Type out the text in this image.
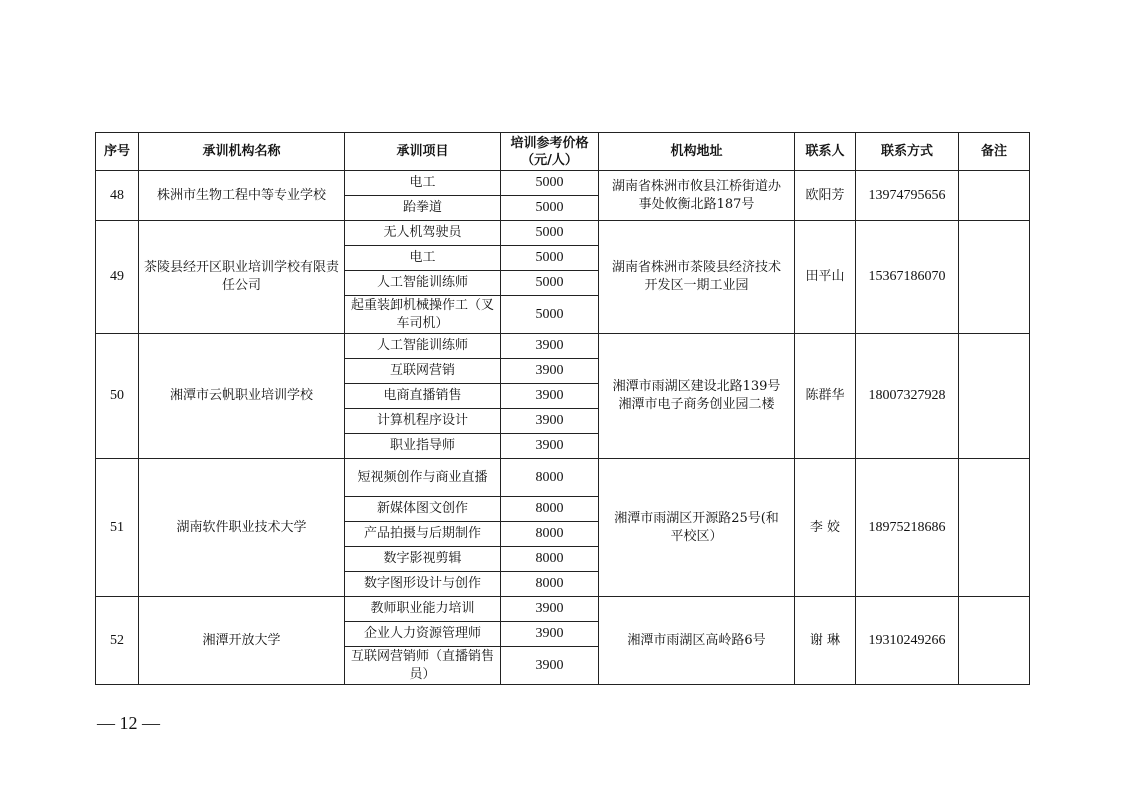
序号	承训机构名称	承训项目	培训参考价格（元/人）	机构地址	联系人	联系方式	备注
48	株洲市生物工程中等专业学校	电工	5000	湖南省株洲市攸县江桥街道办事处攸衡北路187号	欧阳芳	13974795656	
		跆拳道	5000				
49	茶陵县经开区职业培训学校有限责任公司	无人机驾驶员	5000	湖南省株洲市茶陵县经济技术开发区一期工业园	田平山	15367186070	
		电工	5000				
		人工智能训练师	5000				
		起重装卸机械操作工（叉车司机）	5000				
50	湘潭市云帆职业培训学校	人工智能训练师	3900	湘潭市雨湖区建设北路139号湘潭市电子商务创业园二楼	陈群华	18007327928	
		互联网营销	3900				
		电商直播销售	3900				
		计算机程序设计	3900				
		职业指导师	3900				
51	湖南软件职业技术大学	短视频创作与商业直播	8000	湘潭市雨湖区开源路25号(和平校区）	李 姣	18975218686	
		新媒体图文创作	8000				
		产品拍摄与后期制作	8000				
		数字影视剪辑	8000				
		数字图形设计与创作	8000				
52	湘潭开放大学	教师职业能力培训	3900	湘潭市雨湖区高岭路6号	谢 琳	19310249266	
		企业人力资源管理师	3900				
		互联网营销师（直播销售员）	3900				
— 12 —
